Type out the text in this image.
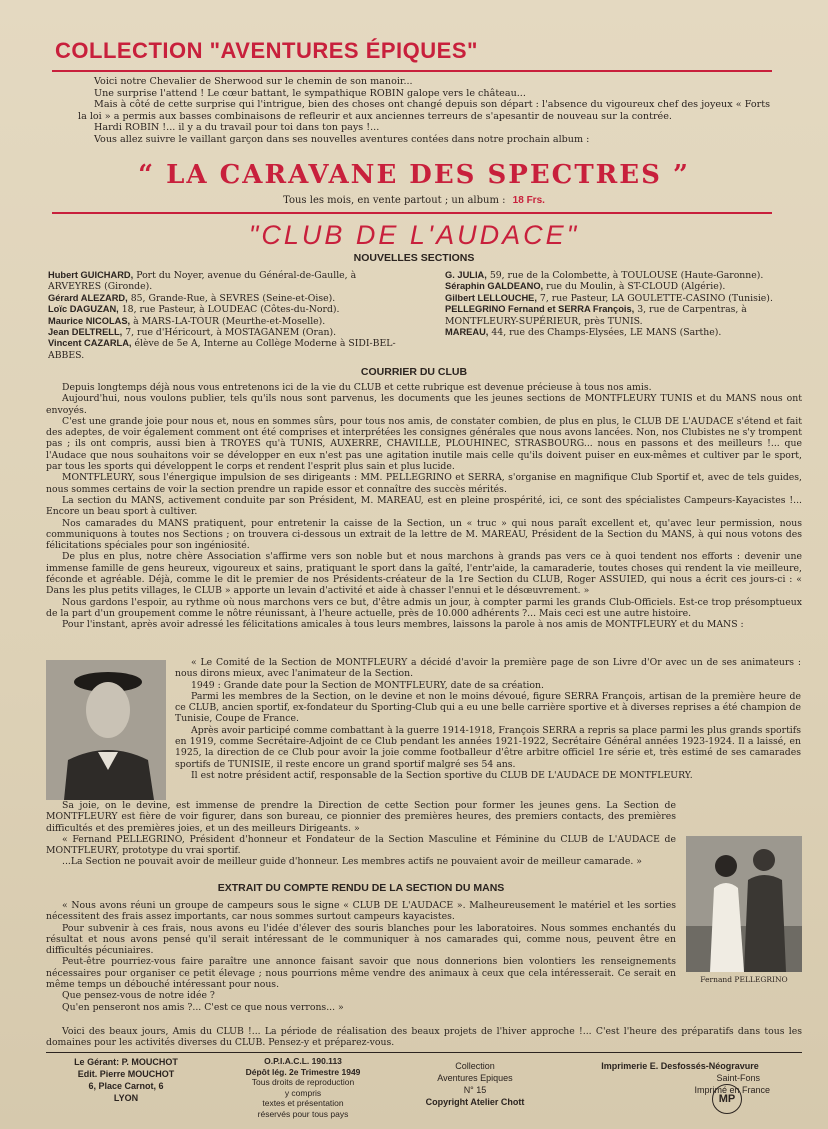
COLLECTION "AVENTURES ÉPIQUES"

Voici notre Chevalier de Sherwood sur le chemin de son manoir...

Une surprise l'attend ! Le cœur battant, le sympathique ROBIN galope vers le château...

Mais à côté de cette surprise qui l'intrigue, bien des choses ont changé depuis son départ : l'absence du vigoureux chef des joyeux « Forts la loi » a permis aux basses combinaisons de refleurir et aux anciennes terreurs de s'apesantir de nouveau sur la contrée.

Hardi ROBIN !... il y a du travail pour toi dans ton pays !...

Vous allez suivre le vaillant garçon dans ses nouvelles aventures contées dans notre prochain album :

“ LA CARAVANE DES SPECTRES ”
Tous les mois, en vente partout ; un album : 18 Frs.
"CLUB DE L'AUDACE"
NOUVELLES SECTIONS

Hubert GUICHARD, Port du Noyer, avenue du Général-de-Gaulle, à ARVEYRES (Gironde).

Gérard ALEZARD, 85, Grande-Rue, à SEVRES (Seine-et-Oise).

Loïc DAGUZAN, 18, rue Pasteur, à LOUDEAC (Côtes-du-Nord).

Maurice NICOLAS, à MARS-LA-TOUR (Meurthe-et-Moselle).

Jean DELTRELL, 7, rue d'Héricourt, à MOSTAGANEM (Oran).

Vincent CAZARLA, élève de 5e A, Interne au Collège Moderne à SIDI-BEL-ABBES.

G. JULIA, 59, rue de la Colombette, à TOULOUSE (Haute-Garonne).

Séraphin GALDEANO, rue du Moulin, à ST-CLOUD (Algérie).

Gilbert LELLOUCHE, 7, rue Pasteur, LA GOULETTE-CASINO (Tunisie).

PELLEGRINO Fernand et SERRA François, 3, rue de Carpentras, à MONTFLEURY-SUPÉRIEUR, près TUNIS.

MAREAU, 44, rue des Champs-Elysées, LE MANS (Sarthe).

COURRIER DU CLUB

Depuis longtemps déjà nous vous entretenons ici de la vie du CLUB et cette rubrique est devenue précieuse à tous nos amis.

Aujourd'hui, nous voulons publier, tels qu'ils nous sont parvenus, les documents que les jeunes sections de MONTFLEURY TUNIS et du MANS nous ont envoyés.

C'est une grande joie pour nous et, nous en sommes sûrs, pour tous nos amis, de constater combien, de plus en plus, le CLUB DE L'AUDACE s'étend et fait des adeptes, de voir également comment ont été comprises et interprétées les consignes générales que nous avons lancées. Non, nos Clubistes ne s'y trompent pas ; ils ont compris, aussi bien à TROYES qu'à TUNIS, AUXERRE, CHAVILLE, PLOUHINEC, STRASBOURG... nous en passons et des meilleurs !... que l'Audace que nous souhaitons voir se développer en eux n'est pas une agitation inutile mais celle qu'ils doivent puiser en eux-mêmes et cultiver par le sport, par tous les sports qui développent le corps et rendent l'esprit plus sain et plus lucide.

MONTFLEURY, sous l'énergique impulsion de ses dirigeants : MM. PELLEGRINO et SERRA, s'organise en magnifique Club Sportif et, avec de tels guides, nous sommes certains de voir la section prendre un rapide essor et connaître des succès mérités.

La section du MANS, activement conduite par son Président, M. MAREAU, est en pleine prospérité, ici, ce sont des spécialistes Campeurs-Kayacistes !... Encore un beau sport à cultiver.

Nos camarades du MANS pratiquent, pour entretenir la caisse de la Section, un « truc » qui nous paraît excellent et, qu'avec leur permission, nous communiquons à toutes nos Sections ; on trouvera ci-dessous un extrait de la lettre de M. MAREAU, Président de la Section du MANS, à qui nous votons des félicitations spéciales pour son ingéniosité.

De plus en plus, notre chère Association s'affirme vers son noble but et nous marchons à grands pas vers ce à quoi tendent nos efforts : devenir une immense famille de gens heureux, vigoureux et sains, pratiquant le sport dans la gaîté, l'entr'aide, la camaraderie, toutes choses qui rendent la vie meilleure, féconde et agréable. Déjà, comme le dit le premier de nos Présidents-créateur de la 1re Section du CLUB, Roger ASSUIED, qui nous a écrit ces jours-ci : « Dans les plus petits villages, le CLUB » apporte un levain d'activité et aide à chasser l'ennui et le désœuvrement. »

Nous gardons l'espoir, au rythme où nous marchons vers ce but, d'être admis un jour, à compter parmi les grands Club-Officiels. Est-ce trop présomptueux de la part d'un groupement comme le nôtre réunissant, à l'heure actuelle, près de 10.000 adhérents ?... Mais ceci est une autre histoire.

Pour l'instant, après avoir adressé les félicitations amicales à tous leurs membres, laissons la parole à nos amis de MONTFLEURY et du MANS :

« Le Comité de la Section de MONTFLEURY a décidé d'avoir la première page de son Livre d'Or avec un de ses animateurs : nous dirons mieux, avec l'animateur de la Section.

1949 : Grande date pour la Section de MONTFLEURY, date de sa création.

Parmi les membres de la Section, on le devine et non le moins dévoué, figure SERRA François, artisan de la première heure de ce CLUB, ancien sportif, ex-fondateur du Sporting-Club qui a eu une belle carrière sportive et à diverses reprises a été champion de Tunisie, Coupe de France.

Après avoir participé comme combattant à la guerre 1914-1918, François SERRA a repris sa place parmi les plus grands sportifs en 1919, comme Secrétaire-Adjoint de ce Club pendant les années 1921-1922, Secrétaire Général années 1923-1924. Il a laissé, en 1925, la direction de ce Club pour avoir la joie comme footballeur d'être arbitre officiel 1re série et, très estimé de ses camarades sportifs de TUNISIE, il reste encore un grand sportif malgré ses 54 ans.

Il est notre président actif, responsable de la Section sportive du CLUB DE L'AUDACE DE MONTFLEURY.

Sa joie, on le devine, est immense de prendre la Direction de cette Section pour former les jeunes gens. La Section de MONTFLEURY est fière de voir figurer, dans son bureau, ce pionnier des premières heures, des premiers contacts, des premières difficultés et des premières joies, et un des meilleurs Dirigeants. »

« Fernand PELLEGRINO, Président d'honneur et Fondateur de la Section Masculine et Féminine du CLUB de L'AUDACE de MONTFLEURY, prototype du vrai sportif.

...La Section ne pouvait avoir de meilleur guide d'honneur. Les membres actifs ne pouvaient avoir de meilleur camarade. »

Fernand PELLEGRINO
EXTRAIT DU COMPTE RENDU DE LA SECTION DU MANS

« Nous avons réuni un groupe de campeurs sous le signe « CLUB DE L'AUDACE ». Malheureusement le matériel et les sorties nécessitent des frais assez importants, car nous sommes surtout campeurs kayacistes.

Pour subvenir à ces frais, nous avons eu l'idée d'élever des souris blanches pour les laboratoires. Nous sommes enchantés du résultat et nous avons pensé qu'il serait intéressant de le communiquer à nos camarades qui, comme nous, peuvent être en difficultés pécuniaires.

Peut-être pourriez-vous faire paraître une annonce faisant savoir que nous donnerions bien volontiers les renseignements nécessaires pour organiser ce petit élevage ; nous pourrions même vendre des animaux à ceux que cela intéresserait. Ce serait en même temps un débouché intéressant pour nous.

Que pensez-vous de notre idée ?

Qu'en penseront nos amis ?... C'est ce que nous verrons... »

Voici des beaux jours, Amis du CLUB !... La période de réalisation des beaux projets de l'hiver approche !... C'est l'heure des préparatifs dans tous les domaines pour les activités diverses du CLUB. Pensez-y et préparez-vous.

Le Gérant: P. MOUCHOT
Edit. Pierre MOUCHOT
6, Place Carnot, 6
LYON
O.P.I.A.C.L. 190.113
Dépôt lég. 2e Trimestre 1949
Tous droits de reproduction
y compris
textes et présentation
réservés pour tous pays
Collection
Aventures Epiques
N° 15
Copyright Atelier Chott
Imprimerie E. Desfossés-Néogravure
Saint-Fons
Imprimé en France
MP
